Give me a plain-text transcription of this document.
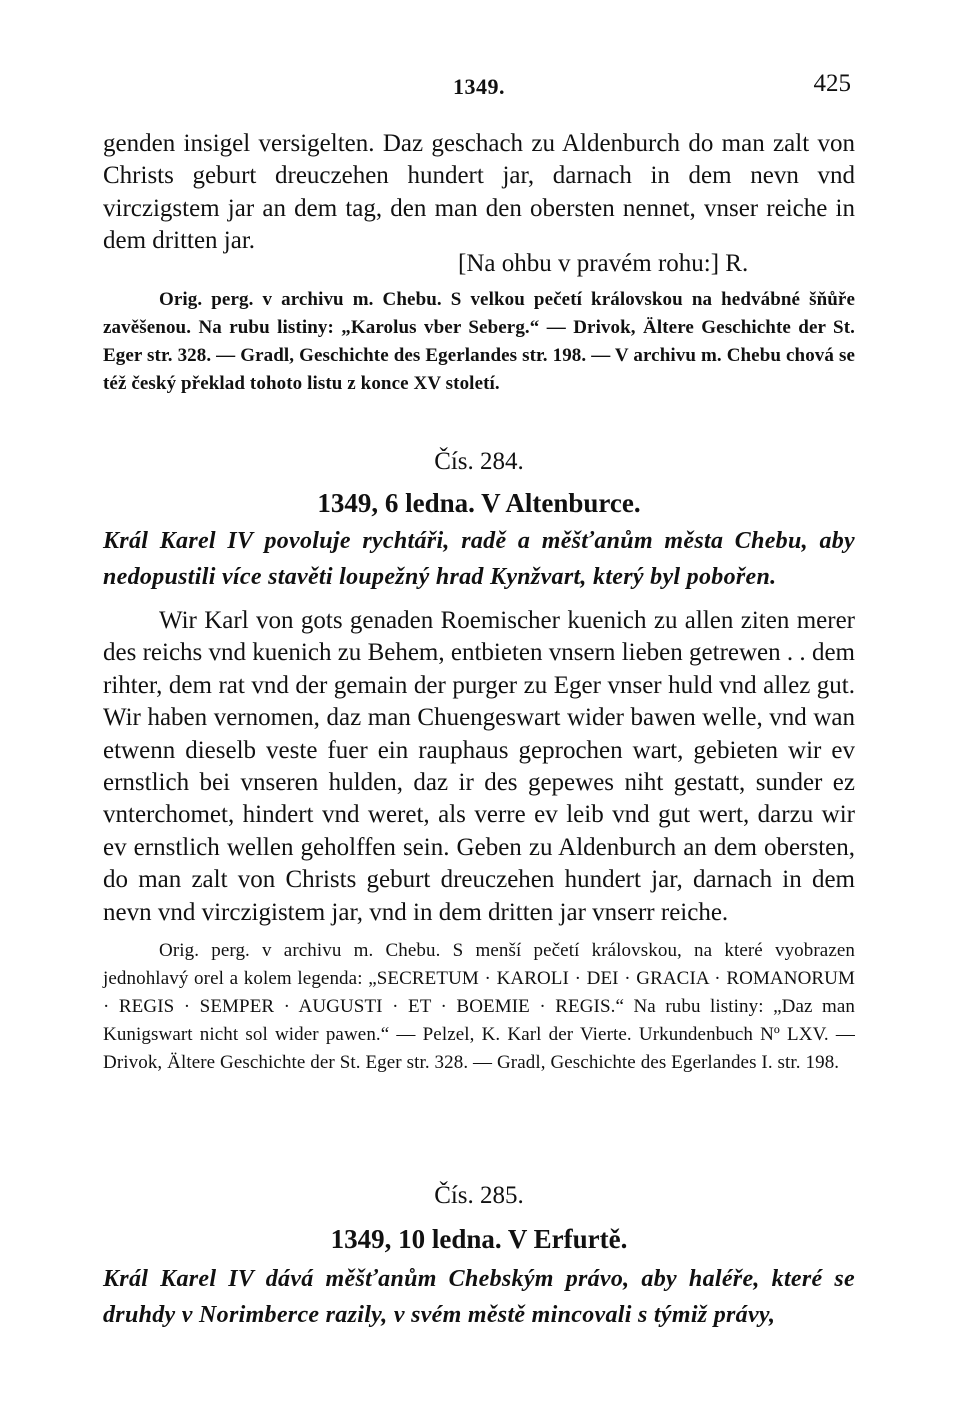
1349.	425

genden insigel versigelten. Daz geschach zu Aldenburch do man zalt von Christs geburt dreuczehen hundert jar, darnach in dem nevn vnd virczigstem jar an dem tag, den man den obersten nennet, vnser reiche in dem dritten jar.

[Na ohbu v pravém rohu:] R.

Orig. perg. v archivu m. Chebu. S velkou pečetí královskou na hedvábné šňůře zavěšenou. Na rubu listiny: „Karolus vber Seberg.“ — Drivok, Ältere Geschichte der St. Eger str. 328. — Gradl, Geschichte des Egerlandes str. 198. — V archivu m. Chebu chová se též český překlad tohoto listu z konce XV století.

Čís. 284.

1349, 6 ledna. V Altenburce.

Král Karel IV povoluje rychtáři, radě a měšťanům města Chebu, aby nedopustili více stavěti loupežný hrad Kynžvart, který byl pobořen.

Wir Karl von gots genaden Roemischer kuenich zu allen ziten merer des reichs vnd kuenich zu Behem, entbieten vnsern lieben getrewen . . dem rihter, dem rat vnd der gemain der purger zu Eger vnser huld vnd allez gut. Wir haben vernomen, daz man Chuengeswart wider bawen welle, vnd wan etwenn dieselb veste fuer ein rauphaus geprochen wart, gebieten wir ev ernstlich bei vnseren hulden, daz ir des gepewes niht gestatt, sunder ez vnterchomet, hindert vnd weret, als verre ev leib vnd gut wert, darzu wir ev ernstlich wellen geholffen sein. Geben zu Aldenburch an dem obersten, do man zalt von Christs geburt dreuczehen hundert jar, darnach in dem nevn vnd virczigistem jar, vnd in dem dritten jar vnserr reiche.

Orig. perg. v archivu m. Chebu. S menší pečetí královskou, na které vyobrazen jednohlavý orel a kolem legenda: „SECRETUM · KAROLI · DEI · GRACIA · ROMANORUM · REGIS · SEMPER · AUGUSTI · ET · BOEMIE · REGIS.“ Na rubu listiny: „Daz man Kunigswart nicht sol wider pawen.“ — Pelzel, K. Karl der Vierte. Urkundenbuch Nº LXV. — Drivok, Ältere Geschichte der St. Eger str. 328. — Gradl, Geschichte des Egerlandes I. str. 198.

Čís. 285.

1349, 10 ledna. V Erfurtě.

Král Karel IV dává měšťanům Chebským právo, aby haléře, které se druhdy v Norimberce razily, v svém městě mincovali s týmiž právy,
